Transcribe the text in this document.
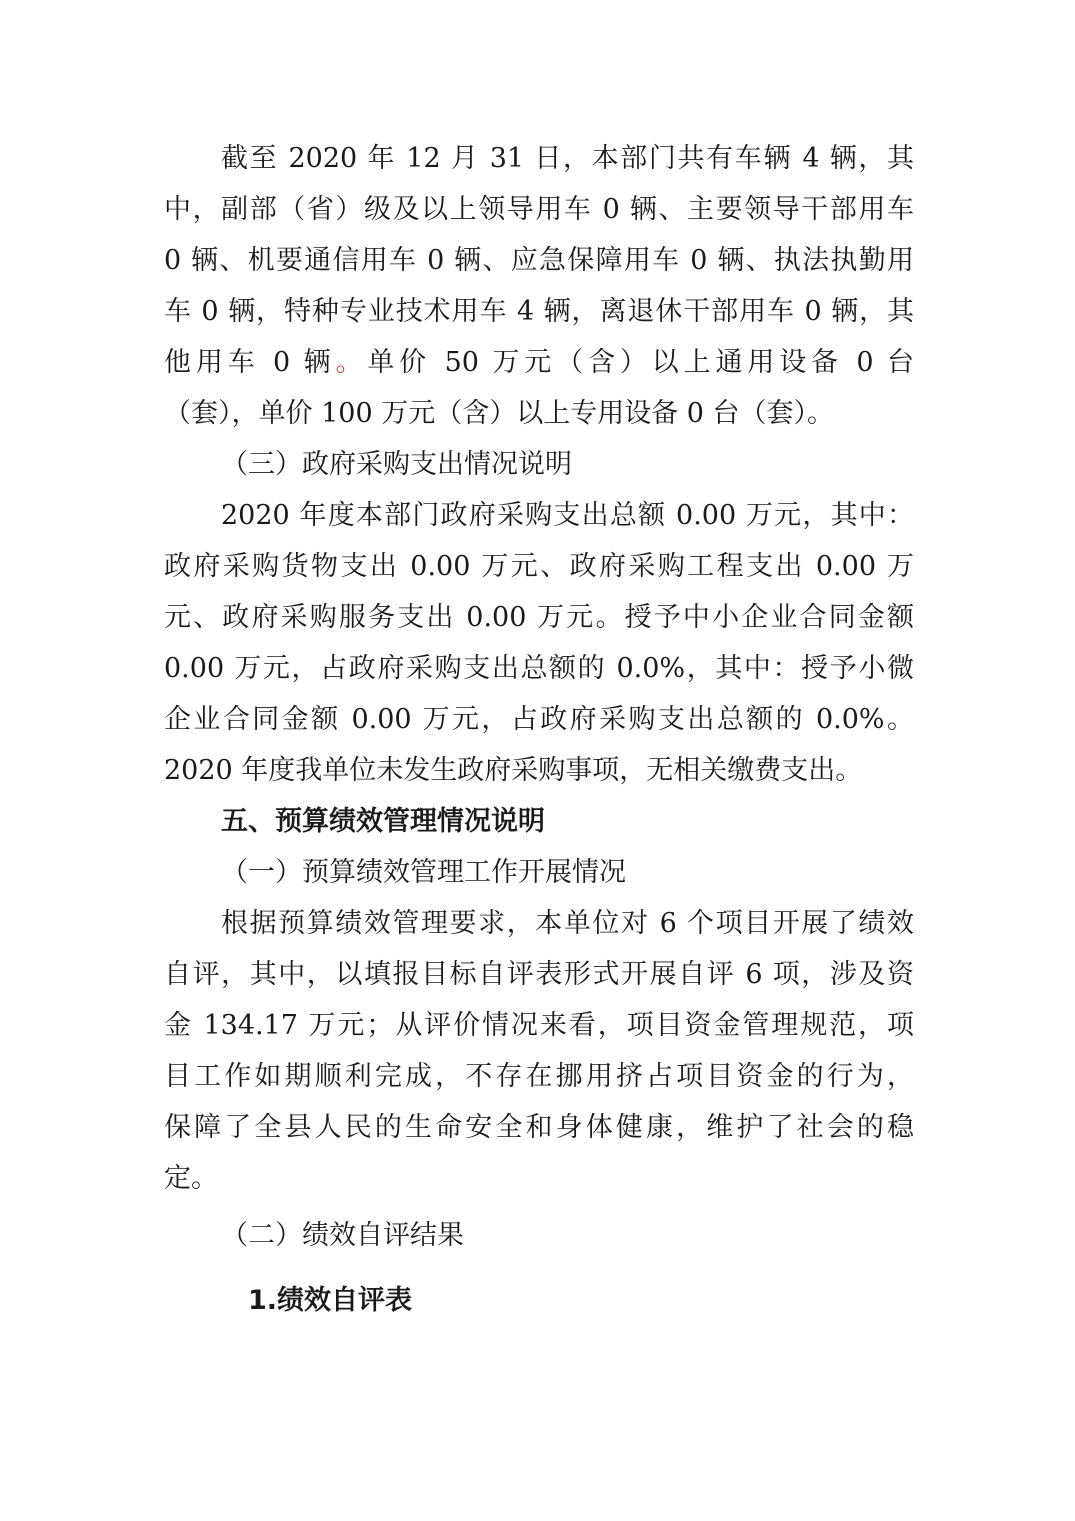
截至 2020 年 12 月 31 日，本部门共有车辆 4 辆，其
中，副部（省）级及以上领导用车 0 辆、主要领导干部用车
0 辆、机要通信用车 0 辆、应急保障用车 0 辆、执法执勤用
车 0 辆，特种专业技术用车 4 辆，离退休干部用车 0 辆，其
他用车 0 辆。单价 50 万元（含）以上通用设备 0 台
（套），单价 100 万元（含）以上专用设备 0 台（套）。
（三）政府采购支出情况说明
2020 年度本部门政府采购支出总额 0.00 万元，其中：
政府采购货物支出 0.00 万元、政府采购工程支出 0.00 万
元、政府采购服务支出 0.00 万元。授予中小企业合同金额
0.00 万元，占政府采购支出总额的 0.0%，其中：授予小微
企业合同金额 0.00 万元，占政府采购支出总额的 0.0%。
2020 年度我单位未发生政府采购事项，无相关缴费支出。
五、预算绩效管理情况说明
（一）预算绩效管理工作开展情况
根据预算绩效管理要求，本单位对 6 个项目开展了绩效
自评，其中，以填报目标自评表形式开展自评 6 项，涉及资
金 134.17 万元；从评价情况来看，项目资金管理规范，项
目工作如期顺利完成，不存在挪用挤占项目资金的行为，
保障了全县人民的生命安全和身体健康，维护了社会的稳
定。
（二）绩效自评结果
1.绩效自评表
